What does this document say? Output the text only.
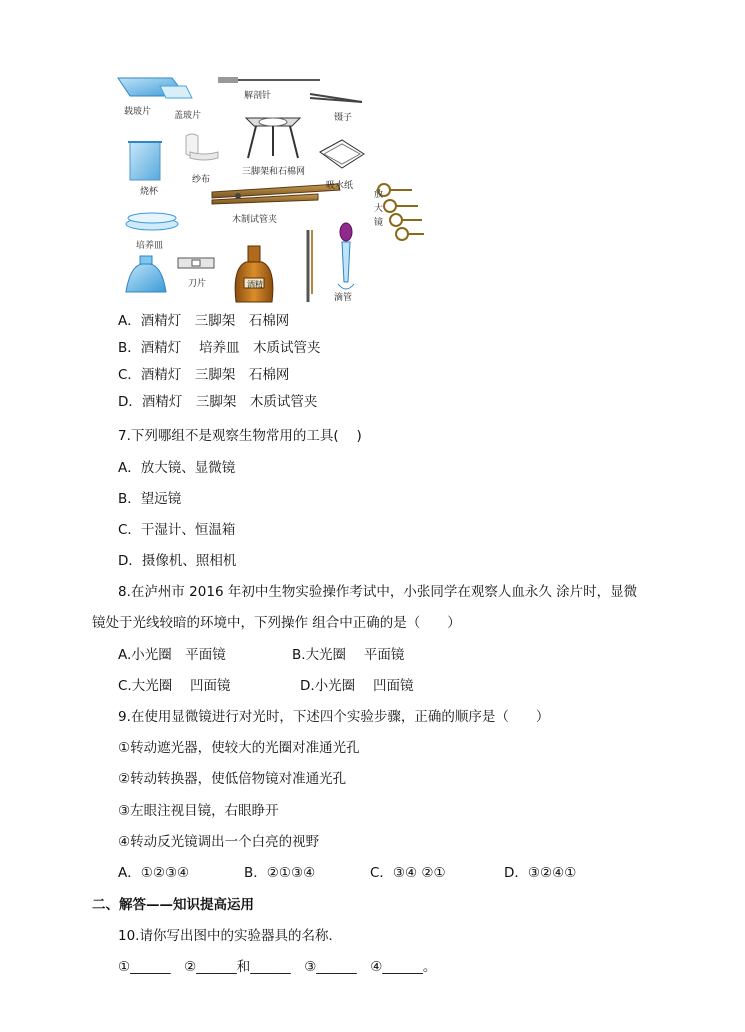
载玻片	盖玻片
解剖针
镊子
烧杯
纱布
三脚架和石棉网
吸水纸
放大镜
木制试管夹
培养皿
刀片	酒精
滴管
A．酒精灯　三脚架　石棉网
B．酒精灯　 培养皿　木质试管夹
C．酒精灯　三脚架　石棉网
D．酒精灯　三脚架　木质试管夹
7.下列哪组不是观察生物常用的工具(　 )
A．放大镜、显微镜
B．望远镜
C．干湿计、恒温箱
D．摄像机、照相机
8.在泸州市 2016 年初中生物实验操作考试中，小张同学在观察人血永久 涂片时，显微
镜处于光线较暗的环境中，下列操作 组合中正确的是（　　）
A.小光圈　平面镜	B.大光圈　 平面镜
C.大光圈　 凹面镜	D.小光圈　 凹面镜
9.在使用显微镜进行对光时，下述四个实验步骤，正确的顺序是（　　）
①转动遮光器，使较大的光圈对准通光孔
②转动转换器，使低倍物镜对准通光孔
③左眼注视目镜，右眼睁开
④转动反光镜调出一个白亮的视野
A．①②③④	B．②①③④	C．③④ ②①	D．③②④①
二、解答——知识提高运用
10.请你写出图中的实验器具的名称．
①______　②______和______　③______　④______。
